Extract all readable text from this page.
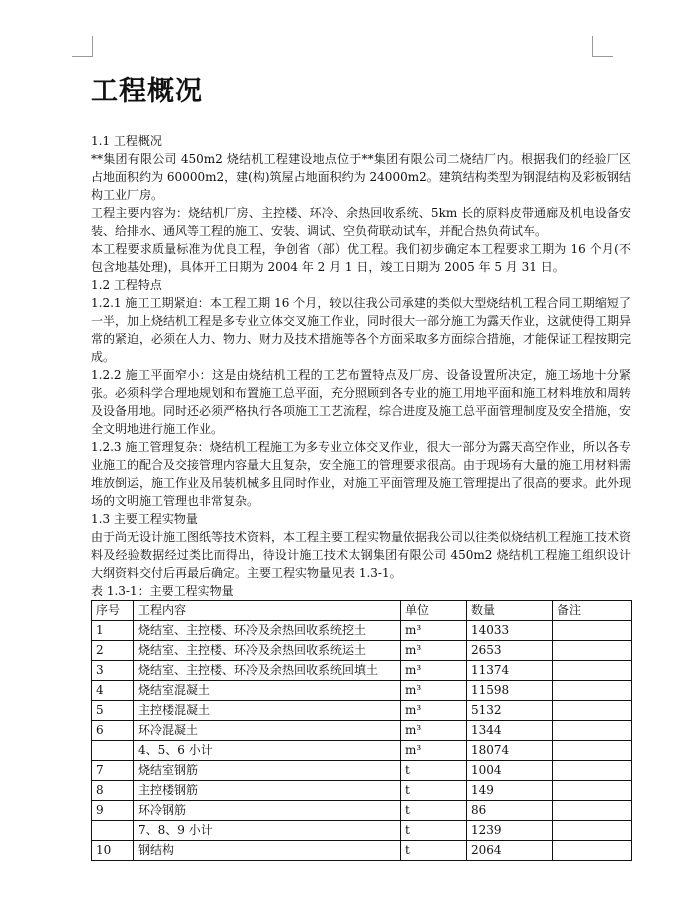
工程概况
1.1 工程概况

**集团有限公司 450m2 烧结机工程建设地点位于**集团有限公司二烧结厂内。根据我们的经验厂区占地面积约为 60000m2，建(构)筑屋占地面积约为 24000m2。建筑结构类型为钢混结构及彩板钢结构工业厂房。

工程主要内容为：烧结机厂房、主控楼、环冷、余热回收系统、5km 长的原料皮带通廊及机电设备安装、给排水、通风等工程的施工、安装、调试、空负荷联动试车，并配合热负荷试车。

本工程要求质量标准为优良工程，争创省（部）优工程。我们初步确定本工程要求工期为 16 个月(不包含地基处理)，具体开工日期为 2004 年 2 月 1 日，竣工日期为 2005 年 5 月 31 日。

1.2 工程特点

1.2.1 施工工期紧迫：本工程工期 16 个月，较以往我公司承建的类似大型烧结机工程合同工期缩短了一半，加上烧结机工程是多专业立体交叉施工作业，同时很大一部分施工为露天作业，这就使得工期异常的紧迫，必须在人力、物力、财力及技术措施等各个方面采取多方面综合措施，才能保证工程按期完成。

1.2.2 施工平面窄小：这是由烧结机工程的工艺布置特点及厂房、设备设置所决定，施工场地十分紧张。必须科学合理地规划和布置施工总平面，充分照顾到各专业的施工用地平面和施工材料堆放和周转及设备用地。同时还必须严格执行各项施工工艺流程，综合进度及施工总平面管理制度及安全措施，安全文明地进行施工作业。

1.2.3 施工管理复杂：烧结机工程施工为多专业立体交叉作业，很大一部分为露天高空作业，所以各专业施工的配合及交接管理内容量大且复杂，安全施工的管理要求很高。由于现场有大量的施工用材料需堆放倒运，施工作业及吊装机械多且同时作业，对施工平面管理及施工管理提出了很高的要求。此外现场的文明施工管理也非常复杂。

1.3 主要工程实物量

由于尚无设计施工图纸等技术资料，本工程主要工程实物量依据我公司以往类似烧结机工程施工技术资料及经验数据经过类比而得出，待设计施工技术太钢集团有限公司 450m2 烧结机工程施工组织设计大纲资料交付后再最后确定。主要工程实物量见表 1.3-1。

表 1.3-1：主要工程实物量
序号	工程内容	单位	数量	备注
1	烧结室、主控楼、环冷及余热回收系统挖土	m³	14033	
2	烧结室、主控楼、环冷及余热回收系统运土	m³	2653	
3	烧结室、主控楼、环冷及余热回收系统回填土	m³	11374	
4	烧结室混凝土	m³	11598	
5	主控楼混凝土	m³	5132	
6	环冷混凝土	m³	1344	
	4、5、6 小计	m³	18074	
7	烧结室钢筋	t	1004	
8	主控楼钢筋	t	149	
9	环冷钢筋	t	86	
	7、8、9 小计	t	1239	
10	钢结构	t	2064	
